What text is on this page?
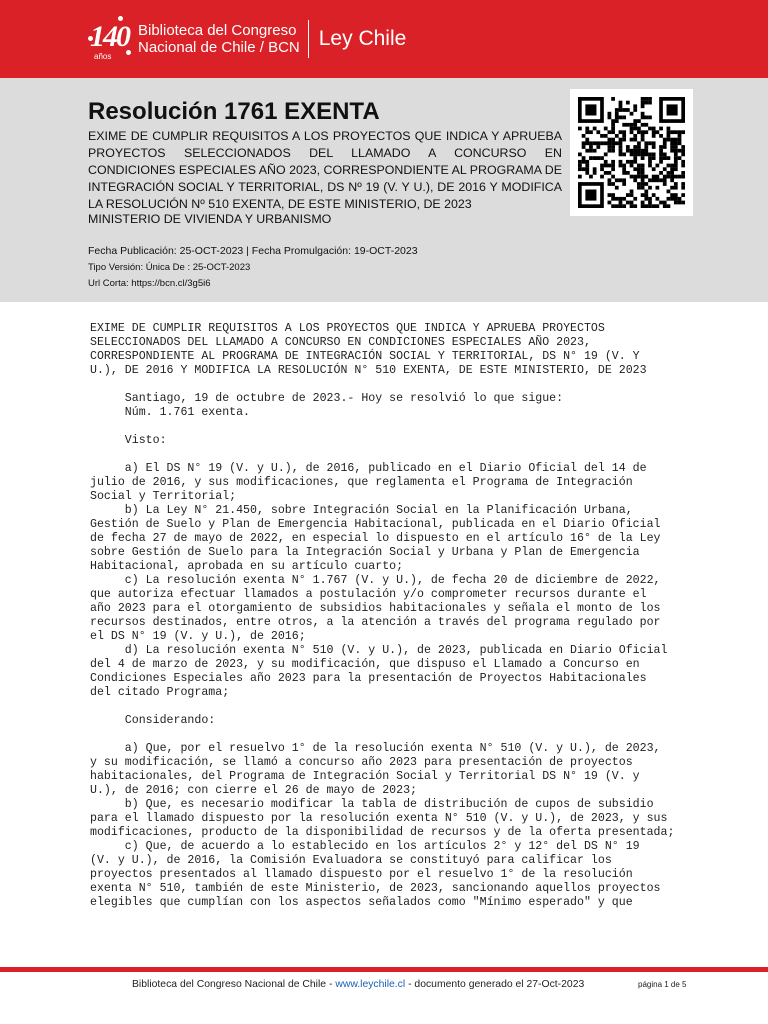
140
años
Biblioteca del Congreso
Nacional de Chile / BCN Ley Chile
Resolución 1761 EXENTA
EXIME DE CUMPLIR REQUISITOS A LOS PROYECTOS QUE INDICA Y APRUEBA PROYECTOS SELECCIONADOS DEL LLAMADO A CONCURSO EN CONDICIONES ESPECIALES AÑO 2023, CORRESPONDIENTE AL PROGRAMA DE INTEGRACIÓN SOCIAL Y TERRITORIAL, DS Nº 19 (V. Y U.), DE 2016 Y MODIFICA LA RESOLUCIÓN Nº 510 EXENTA, DE ESTE MINISTERIO, DE 2023
MINISTERIO DE VIVIENDA Y URBANISMO
Fecha Publicación: 25-OCT-2023 | Fecha Promulgación: 19-OCT-2023
Tipo Versión: Única De : 25-OCT-2023
Url Corta: https://bcn.cl/3g5i6
EXIME DE CUMPLIR REQUISITOS A LOS PROYECTOS QUE INDICA Y APRUEBA PROYECTOS
SELECCIONADOS DEL LLAMADO A CONCURSO EN CONDICIONES ESPECIALES AÑO 2023,
CORRESPONDIENTE AL PROGRAMA DE INTEGRACIÓN SOCIAL Y TERRITORIAL, DS N° 19 (V. Y
U.), DE 2016 Y MODIFICA LA RESOLUCIÓN N° 510 EXENTA, DE ESTE MINISTERIO, DE 2023
Santiago, 19 de octubre de 2023.- Hoy se resolvió lo que sigue:
Núm. 1.761 exenta.
Visto:
a) El DS N° 19 (V. y U.), de 2016, publicado en el Diario Oficial del 14 de
julio de 2016, y sus modificaciones, que reglamenta el Programa de Integración
Social y Territorial;
b) La Ley N° 21.450, sobre Integración Social en la Planificación Urbana,
Gestión de Suelo y Plan de Emergencia Habitacional, publicada en el Diario Oficial
de fecha 27 de mayo de 2022, en especial lo dispuesto en el artículo 16° de la Ley
sobre Gestión de Suelo para la Integración Social y Urbana y Plan de Emergencia
Habitacional, aprobada en su artículo cuarto;
c) La resolución exenta N° 1.767 (V. y U.), de fecha 20 de diciembre de 2022,
que autoriza efectuar llamados a postulación y/o comprometer recursos durante el
año 2023 para el otorgamiento de subsidios habitacionales y señala el monto de los
recursos destinados, entre otros, a la atención a través del programa regulado por
el DS N° 19 (V. y U.), de 2016;
d) La resolución exenta N° 510 (V. y U.), de 2023, publicada en Diario Oficial
del 4 de marzo de 2023, y su modificación, que dispuso el Llamado a Concurso en
Condiciones Especiales año 2023 para la presentación de Proyectos Habitacionales
del citado Programa;
Considerando:
a) Que, por el resuelvo 1° de la resolución exenta N° 510 (V. y U.), de 2023,
y su modificación, se llamó a concurso año 2023 para presentación de proyectos
habitacionales, del Programa de Integración Social y Territorial DS N° 19 (V. y
U.), de 2016; con cierre el 26 de mayo de 2023;
b) Que, es necesario modificar la tabla de distribución de cupos de subsidio
para el llamado dispuesto por la resolución exenta N° 510 (V. y U.), de 2023, y sus
modificaciones, producto de la disponibilidad de recursos y de la oferta presentada;
c) Que, de acuerdo a lo establecido en los artículos 2° y 12° del DS N° 19
(V. y U.), de 2016, la Comisión Evaluadora se constituyó para calificar los
proyectos presentados al llamado dispuesto por el resuelvo 1° de la resolución
exenta N° 510, también de este Ministerio, de 2023, sancionando aquellos proyectos
elegibles que cumplían con los aspectos señalados como "Mínimo esperado" y que
Biblioteca del Congreso Nacional de Chile - www.leychile.cl - documento generado el 27-Oct-2023	página 1 de 5
